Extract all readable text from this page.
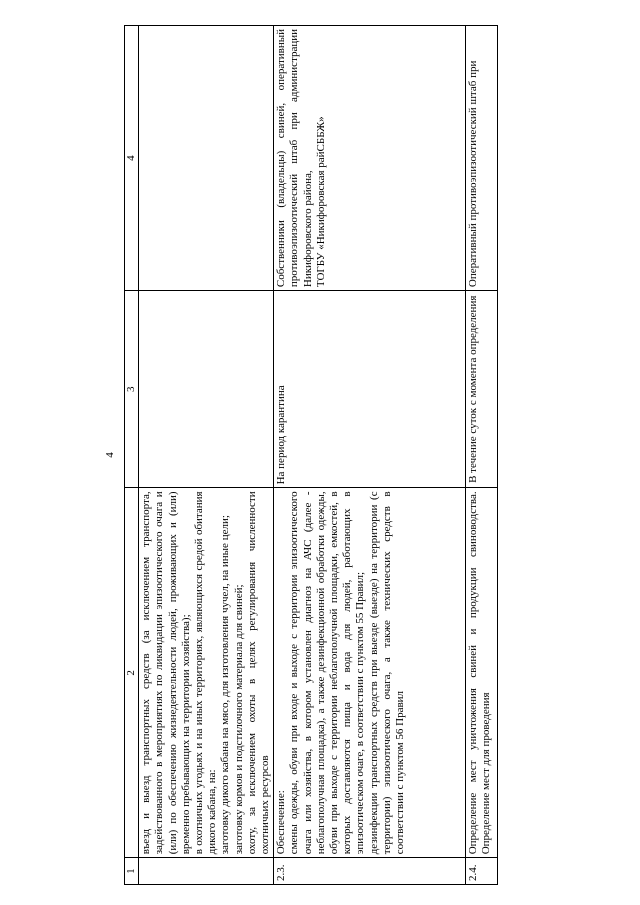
4
1	2	3	4

	въезд и выезд транспортных средств (за исключением транспорта, задействованного в мероприятиях по ликвидации эпизоотического очага и (или) по обеспечению жизнедеятельности людей, проживающих и (или) временно пребывающих на территории хозяйства); в охотничьих угодьях и на иных территориях, являющихся средой обитания дикого кабана, на: заготовку дикого кабана на мясо, для изготовления чучел, на иные цели; заготовку кормов и подстилочного материала для свиней; охоту, за исключением охоты в целях регулирования численности охотничьих ресурсов		

2.3.	Обеспечение: смены одежды, обуви при входе и выходе с территории эпизоотического очага или хозяйства, в котором установлен диагноз на АЧС (далее - неблагополучная площадка), а также дезинфекционной обработки одежды, обуви при выходе с территории неблагополучной площадки, емкостей, в которых доставляются пища и вода для людей, работающих в эпизоотическом очаге, в соответствии с пунктом 55 Правил; дезинфекции транспортных средств при выезде (выезде) на территории (с территории) эпизоотического очага, а также технических средств в соответствии с пунктом 56 Правил	На период карантина	Собственники (владельцы) свиней, оперативный противоэпизоотический штаб при администрации Никифоровского района, ТОГБУ «Никифоровская райСББЖ»

2.4.	Определение мест уничтожения свиней и продукции свиноводства. Определение мест для проведения	В течение суток с момента определения	Оперативный противоэпизоотический штаб при
